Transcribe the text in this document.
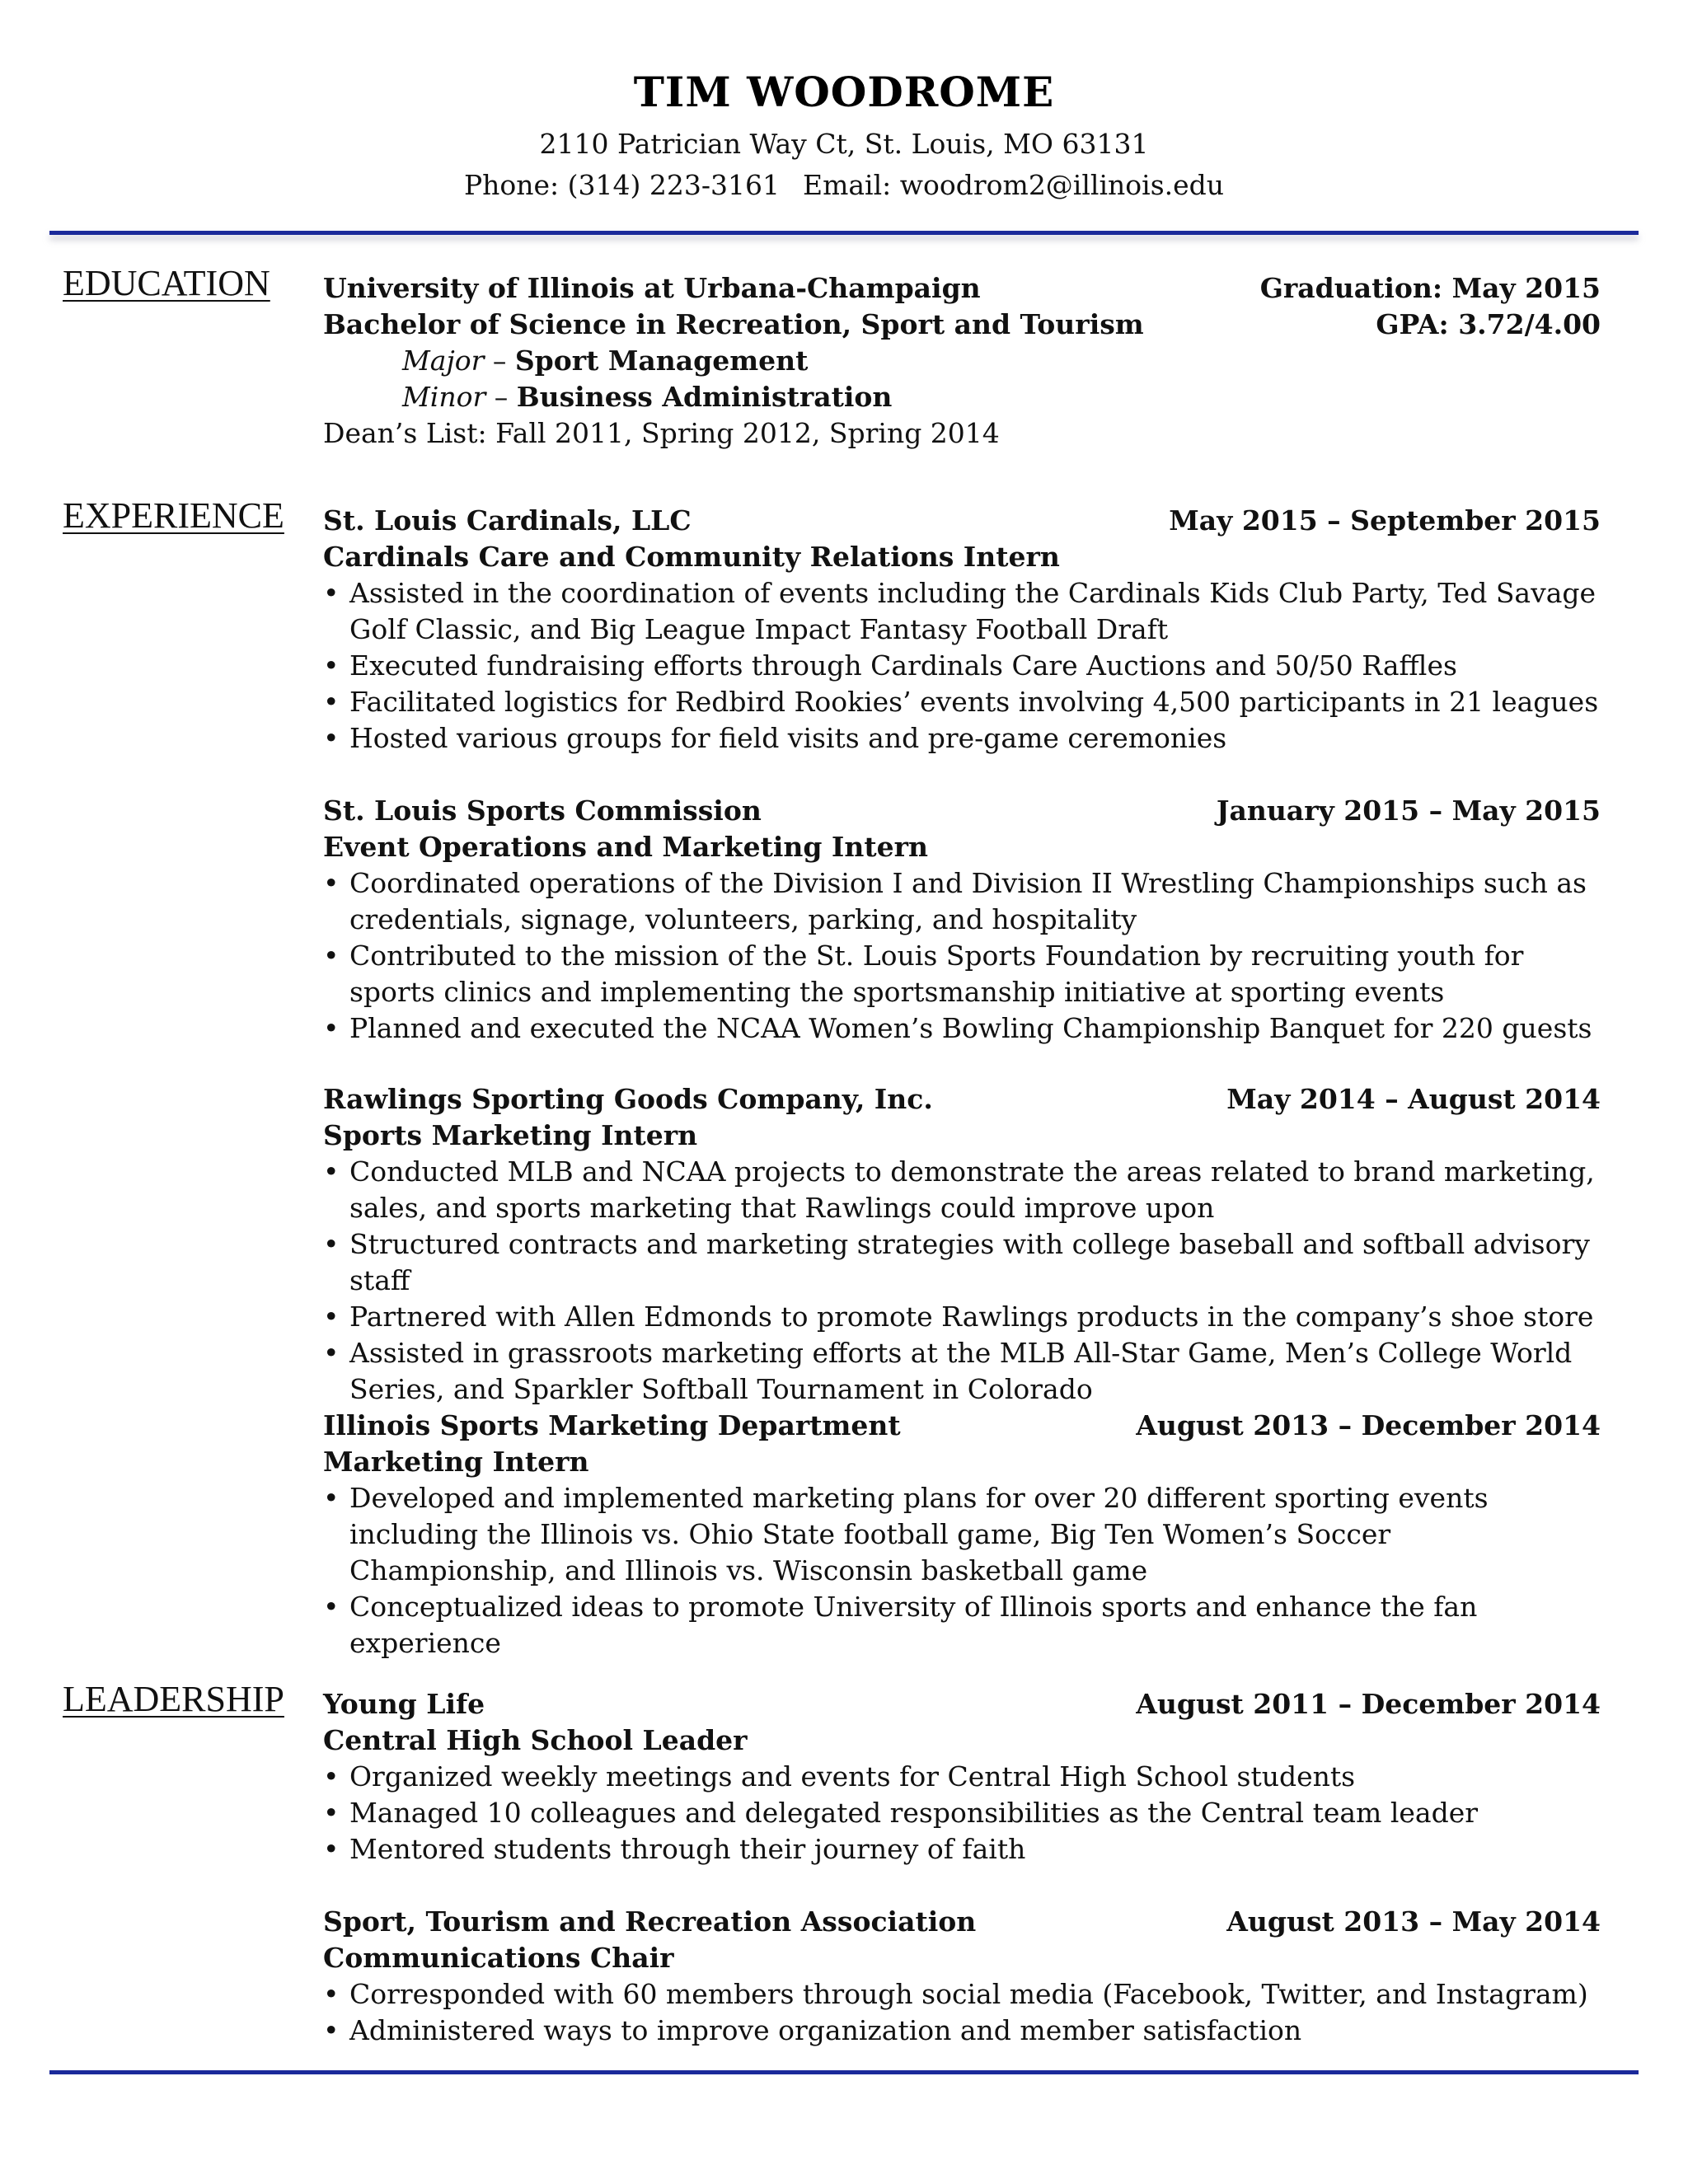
TIM WOODROME
2110 Patrician Way Ct, St. Louis, MO 63131
Phone: (314) 223-3161 Email: woodrom2@illinois.edu
EDUCATION University of Illinois at Urbana-Champaign	Graduation: May 2015
Bachelor of Science in Recreation, Sport and Tourism	GPA: 3.72/4.00
Major – Sport Management
Minor – Business Administration
Dean’s List: Fall 2011, Spring 2012, Spring 2014
EXPERIENCE St. Louis Cardinals, LLC	May 2015 – September 2015
Cardinals Care and Community Relations Intern
• Assisted in the coordination of events including the Cardinals Kids Club Party, Ted Savage Golf Classic, and Big League Impact Fantasy Football Draft
• Executed fundraising efforts through Cardinals Care Auctions and 50/50 Raffles
• Facilitated logistics for Redbird Rookies’ events involving 4,500 participants in 21 leagues
• Hosted various groups for field visits and pre-game ceremonies
St. Louis Sports Commission	January 2015 – May 2015
Event Operations and Marketing Intern
• Coordinated operations of the Division I and Division II Wrestling Championships such as credentials, signage, volunteers, parking, and hospitality
• Contributed to the mission of the St. Louis Sports Foundation by recruiting youth for sports clinics and implementing the sportsmanship initiative at sporting events
• Planned and executed the NCAA Women’s Bowling Championship Banquet for 220 guests
Rawlings Sporting Goods Company, Inc.	May 2014 – August 2014
Sports Marketing Intern
• Conducted MLB and NCAA projects to demonstrate the areas related to brand marketing, sales, and sports marketing that Rawlings could improve upon
• Structured contracts and marketing strategies with college baseball and softball advisory staff
• Partnered with Allen Edmonds to promote Rawlings products in the company’s shoe store
• Assisted in grassroots marketing efforts at the MLB All-Star Game, Men’s College World Series, and Sparkler Softball Tournament in Colorado
Illinois Sports Marketing Department	August 2013 – December 2014
Marketing Intern
• Developed and implemented marketing plans for over 20 different sporting events including the Illinois vs. Ohio State football game, Big Ten Women’s Soccer Championship, and Illinois vs. Wisconsin basketball game
• Conceptualized ideas to promote University of Illinois sports and enhance the fan experience
LEADERSHIP Young Life	August 2011 – December 2014
Central High School Leader
• Organized weekly meetings and events for Central High School students
• Managed 10 colleagues and delegated responsibilities as the Central team leader
• Mentored students through their journey of faith
Sport, Tourism and Recreation Association	August 2013 – May 2014
Communications Chair
• Corresponded with 60 members through social media (Facebook, Twitter, and Instagram)
• Administered ways to improve organization and member satisfaction
